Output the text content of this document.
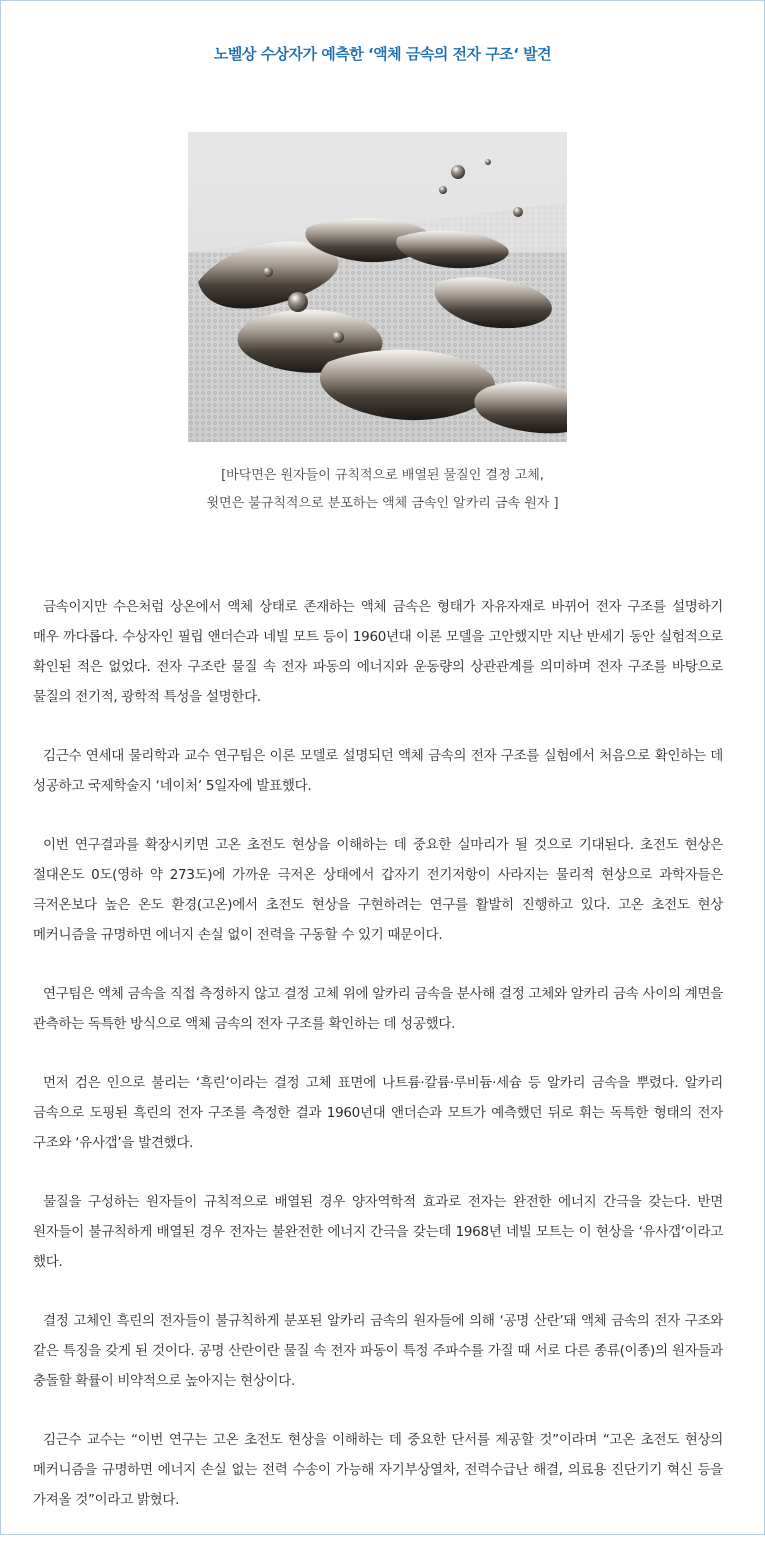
노벨상 수상자가 예측한 ‘액체 금속의 전자 구조‘ 발견
[바닥면은 원자들이 규칙적으로 배열된 물질인 결정 고체,
윗면은 불규칙적으로 분포하는 액체 금속인 알카리 금속 원자 ]

금속이지만 수은처럼 상온에서 액체 상태로 존재하는 액체 금속은 형태가 자유자재로 바뀌어 전자 구조를 설명하기 매우 까다롭다. 수상자인 필립 앤더슨과 네빌 모트 등이 1960년대 이론 모델을 고안했지만 지난 반세기 동안 실험적으로 확인된 적은 없었다. 전자 구조란 물질 속 전자 파동의 에너지와 운동량의 상관관계를 의미하며 전자 구조를 바탕으로 물질의 전기적, 광학적 특성을 설명한다.

김근수 연세대 물리학과 교수 연구팀은 이론 모델로 설명되던 액체 금속의 전자 구조를 실험에서 처음으로 확인하는 데 성공하고 국제학술지 ‘네이처’ 5일자에 발표했다.

이번 연구결과를 확장시키면 고온 초전도 현상을 이해하는 데 중요한 실마리가 될 것으로 기대된다. 초전도 현상은 절대온도 0도(영하 약 273도)에 가까운 극저온 상태에서 갑자기 전기저항이 사라지는 물리적 현상으로 과학자들은 극저온보다 높은 온도 환경(고온)에서 초전도 현상을 구현하려는 연구를 활발히 진행하고 있다. 고온 초전도 현상 메커니즘을 규명하면 에너지 손실 없이 전력을 구동할 수 있기 때문이다.

연구팀은 액체 금속을 직접 측정하지 않고 결정 고체 위에 알카리 금속을 분사해 결정 고체와 알카리 금속 사이의 계면을 관측하는 독특한 방식으로 액체 금속의 전자 구조를 확인하는 데 성공했다.

먼저 검은 인으로 불리는 ‘흑린’이라는 결정 고체 표면에 나트륨·칼륨·루비듐·세슘 등 알카리 금속을 뿌렸다. 알카리 금속으로 도핑된 흑린의 전자 구조를 측정한 결과 1960년대 앤더슨과 모트가 예측했던 뒤로 휘는 독특한 형태의 전자 구조와 ‘유사갭’을 발견했다.

물질을 구성하는 원자들이 규칙적으로 배열된 경우 양자역학적 효과로 전자는 완전한 에너지 간극을 갖는다. 반면 원자들이 불규칙하게 배열된 경우 전자는 불완전한 에너지 간극을 갖는데 1968년 네빌 모트는 이 현상을 ‘유사갭’이라고 했다.

결정 고체인 흑린의 전자들이 불규칙하게 분포된 알카리 금속의 원자들에 의해 ‘공명 산란’돼 액체 금속의 전자 구조와 같은 특징을 갖게 된 것이다. 공명 산란이란 물질 속 전자 파동이 특정 주파수를 가질 때 서로 다른 종류(이종)의 원자들과 충돌할 확률이 비약적으로 높아지는 현상이다.

김근수 교수는 “이번 연구는 고온 초전도 현상을 이해하는 데 중요한 단서를 제공할 것”이라며 “고온 초전도 현상의 메커니즘을 규명하면 에너지 손실 없는 전력 수송이 가능해 자기부상열차, 전력수급난 해결, 의료용 진단기기 혁신 등을 가져올 것”이라고 밝혔다.
